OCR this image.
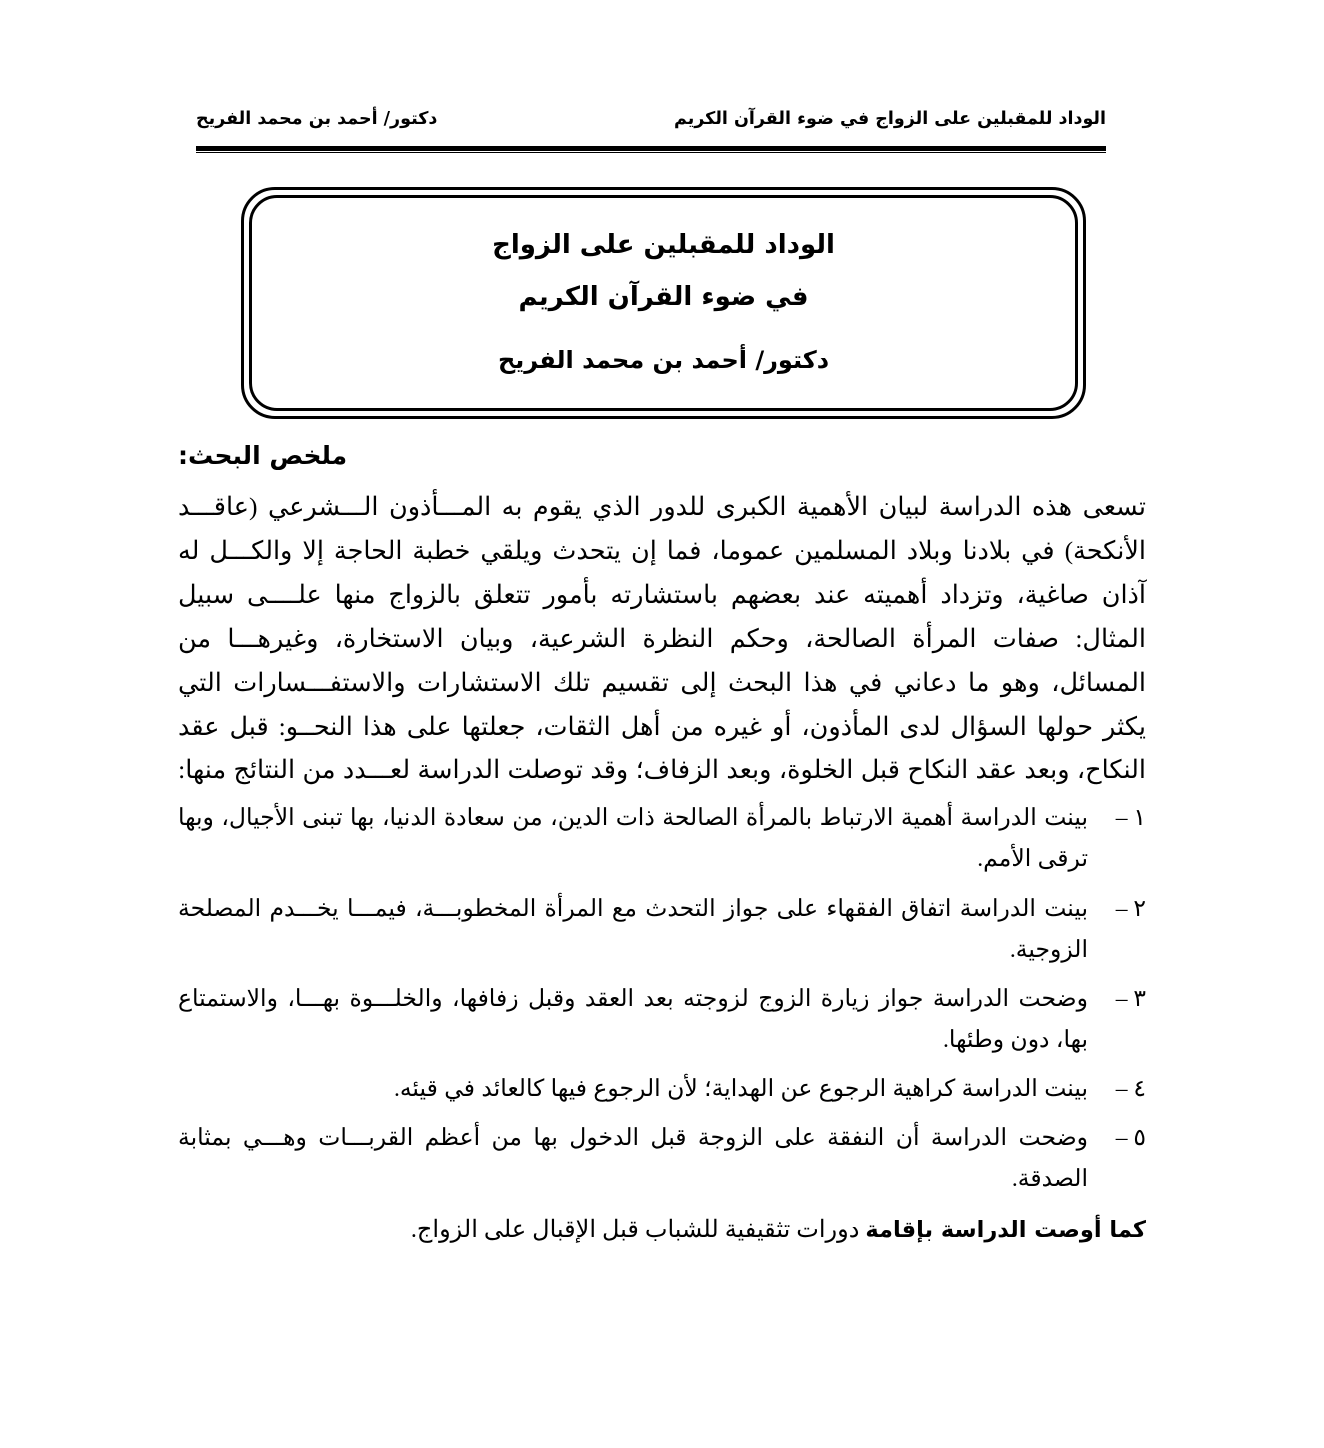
الوداد للمقبلين على الزواج في ضوء القرآن الكريم
دكتور/ أحمد بن محمد الفريح
الوداد للمقبلين على الزواج
في ضوء القرآن الكريم
دكتور/ أحمد بن محمد الفريح
ملخص البحث:

تسعى هذه الدراسة لبيان الأهمية الكبرى للدور الذي يقوم به المـــأذون الـــشرعي (عاقـــد الأنكحة) في بلادنا وبلاد المسلمين عموما، فما إن يتحدث ويلقي خطبة الحاجة إلا والكـــل له آذان صاغية، وتزداد أهميته عند بعضهم باستشارته بأمور تتعلق بالزواج منها علــــى سبيل المثال: صفات المرأة الصالحة، وحكم النظرة الشرعية، وبيان الاستخارة، وغيرهـــا من المسائل، وهو ما دعاني في هذا البحث إلى تقسيم تلك الاستشارات والاستفـــسارات التي يكثر حولها السؤال لدى المأذون، أو غيره من أهل الثقات، جعلتها على هذا النحــو: قبل عقد النكاح، وبعد عقد النكاح قبل الخلوة، وبعد الزفاف؛ وقد توصلت الدراسة لعـــدد من النتائج منها:

١ –
بينت الدراسة أهمية الارتباط بالمرأة الصالحة ذات الدين، من سعادة الدنيا، بها تبنى الأجيال، وبها ترقى الأمم.
٢ –
بينت الدراسة اتفاق الفقهاء على جواز التحدث مع المرأة المخطوبـــة، فيمـــا يخـــدم المصلحة الزوجية.
٣ –
وضحت الدراسة جواز زيارة الزوج لزوجته بعد العقد وقبل زفافها، والخلـــوة بهـــا، والاستمتاع بها، دون وطئها.
٤ –
بينت الدراسة كراهية الرجوع عن الهداية؛ لأن الرجوع فيها كالعائد في قيئه.
٥ –
وضحت الدراسة أن النفقة على الزوجة قبل الدخول بها من أعظم القربـــات وهـــي بمثابة الصدقة.

كما أوصت الدراسة بإقامة دورات تثقيفية للشباب قبل الإقبال على الزواج.
